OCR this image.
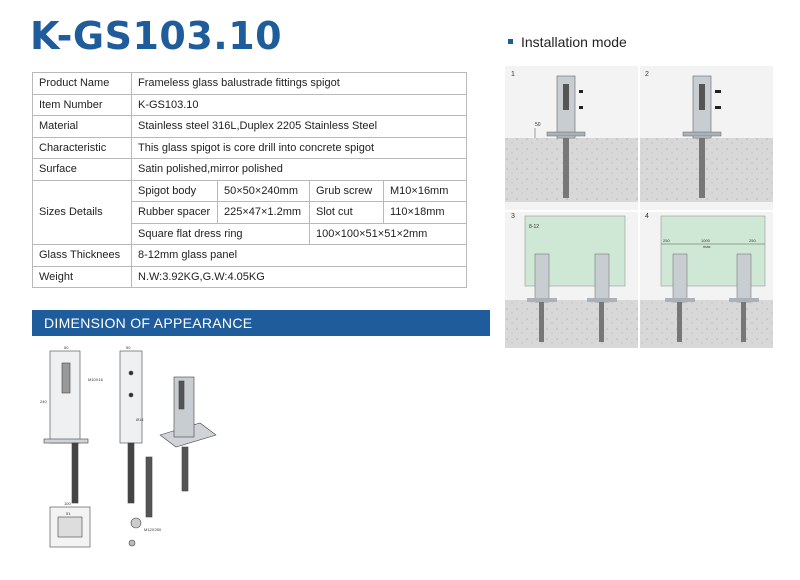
K-GS103.10
Product Name	Frameless glass balustrade fittings spigot			
Item Number	K-GS103.10			
Material	Stainless steel 316L,Duplex 2205 Stainless Steel			
Characteristic	This glass spigot is core drill into concrete spigot			
Surface	Satin polished,mirror polished			
Sizes Details	Spigot body	50×50×240mm	Grub screw	M10×16mm
	Rubber spacer	225×47×1.2mm	Slot cut	110×18mm
	Square flat dress ring		100×100×51×51×2mm	
Glass Thicknees	8-12mm glass panel			
Weight	N.W:3.92KG,G.W:4.05KG			
DIMENSION OF APPEARANCE
Installation mode
1	2
3	4
50
8-12
250	1000	250
max
50	50
240
100
Ø14
M10X16
M12X250
51
